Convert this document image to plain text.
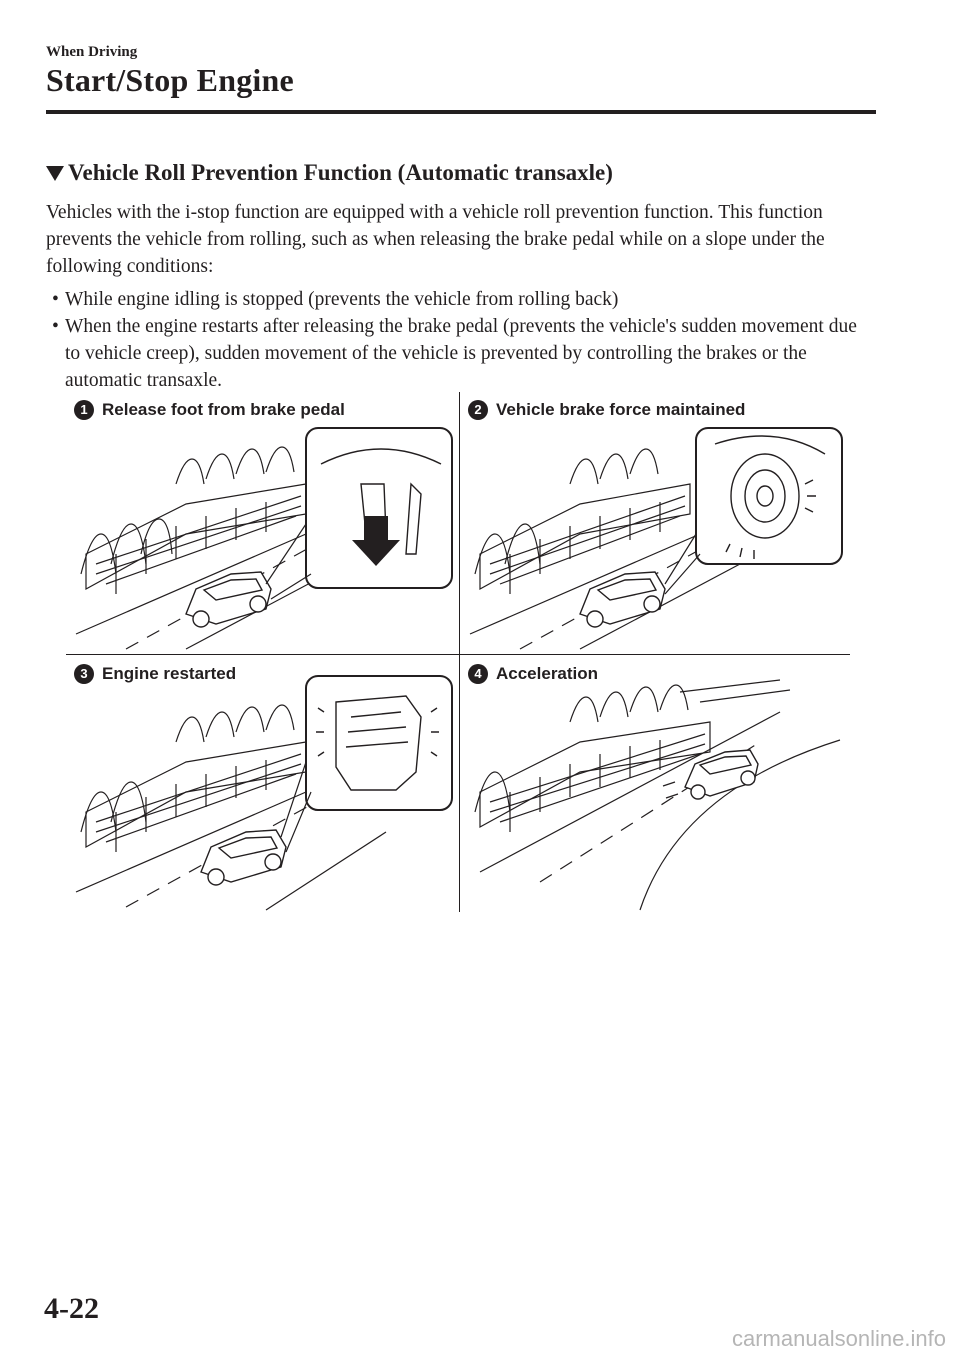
When Driving
Start/Stop Engine
Vehicle Roll Prevention Function (Automatic transaxle)

Vehicles with the i-stop function are equipped with a vehicle roll prevention function. This function prevents the vehicle from rolling, such as when releasing the brake pedal while on a slope under the following conditions:

• While engine idling is stopped (prevents the vehicle from rolling back)
• When the engine restarts after releasing the brake pedal (prevents the vehicle's sudden movement due to vehicle creep), sudden movement of the vehicle is prevented by controlling the brakes or the automatic transaxle.
1 Release foot from brake pedal	2 Vehicle brake force maintained
3 Engine restarted	4 Acceleration
4-22
carmanualsonline.info
